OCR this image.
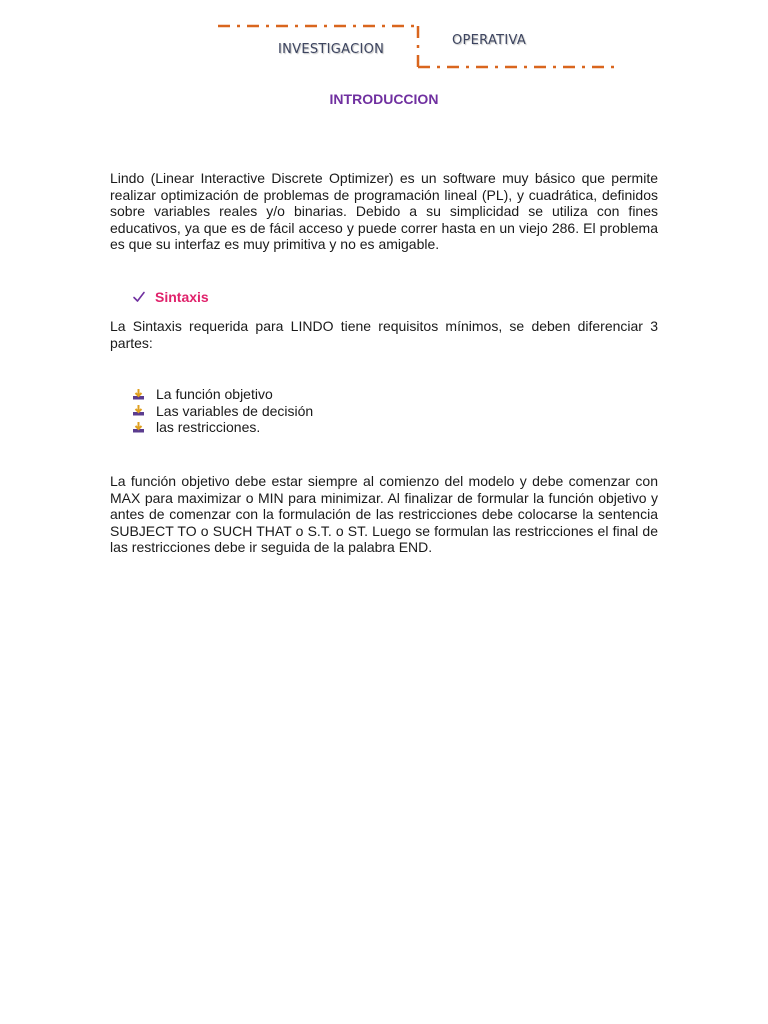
INVESTIGACION
OPERATIVA
INTRODUCCION

Lindo (Linear Interactive Discrete Optimizer) es un software muy básico que permite realizar optimización de problemas de programación lineal (PL), y cuadrática, definidos sobre variables reales y/o binarias. Debido a su simplicidad se utiliza con fines educativos, ya que es de fácil acceso y puede correr hasta en un viejo 286. El problema es que su interfaz es muy primitiva y no es amigable.

Sintaxis

La Sintaxis requerida para LINDO tiene requisitos mínimos, se deben diferenciar 3 partes:

La función objetivo
Las variables de decisión
las restricciones.

La función objetivo debe estar siempre al comienzo del modelo y debe comenzar con MAX para maximizar o MIN para minimizar. Al finalizar de formular la función objetivo y antes de comenzar con la formulación de las restricciones debe colocarse la sentencia SUBJECT TO o SUCH THAT o S.T. o ST. Luego se formulan las restricciones el final de las restricciones debe ir seguida de la palabra END.
